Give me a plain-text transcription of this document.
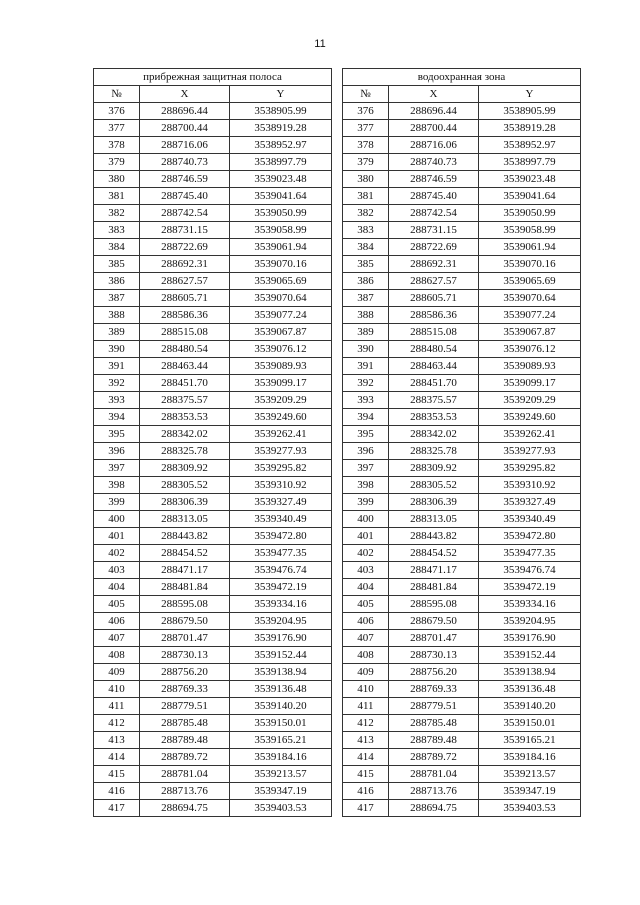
11
прибрежная защитная полоса		
№	X	Y
376	288696.44	3538905.99
377	288700.44	3538919.28
378	288716.06	3538952.97
379	288740.73	3538997.79
380	288746.59	3539023.48
381	288745.40	3539041.64
382	288742.54	3539050.99
383	288731.15	3539058.99
384	288722.69	3539061.94
385	288692.31	3539070.16
386	288627.57	3539065.69
387	288605.71	3539070.64
388	288586.36	3539077.24
389	288515.08	3539067.87
390	288480.54	3539076.12
391	288463.44	3539089.93
392	288451.70	3539099.17
393	288375.57	3539209.29
394	288353.53	3539249.60
395	288342.02	3539262.41
396	288325.78	3539277.93
397	288309.92	3539295.82
398	288305.52	3539310.92
399	288306.39	3539327.49
400	288313.05	3539340.49
401	288443.82	3539472.80
402	288454.52	3539477.35
403	288471.17	3539476.74
404	288481.84	3539472.19
405	288595.08	3539334.16
406	288679.50	3539204.95
407	288701.47	3539176.90
408	288730.13	3539152.44
409	288756.20	3539138.94
410	288769.33	3539136.48
411	288779.51	3539140.20
412	288785.48	3539150.01
413	288789.48	3539165.21
414	288789.72	3539184.16
415	288781.04	3539213.57
416	288713.76	3539347.19
417	288694.75	3539403.53
водоохранная зона		
№	X	Y
376	288696.44	3538905.99
377	288700.44	3538919.28
378	288716.06	3538952.97
379	288740.73	3538997.79
380	288746.59	3539023.48
381	288745.40	3539041.64
382	288742.54	3539050.99
383	288731.15	3539058.99
384	288722.69	3539061.94
385	288692.31	3539070.16
386	288627.57	3539065.69
387	288605.71	3539070.64
388	288586.36	3539077.24
389	288515.08	3539067.87
390	288480.54	3539076.12
391	288463.44	3539089.93
392	288451.70	3539099.17
393	288375.57	3539209.29
394	288353.53	3539249.60
395	288342.02	3539262.41
396	288325.78	3539277.93
397	288309.92	3539295.82
398	288305.52	3539310.92
399	288306.39	3539327.49
400	288313.05	3539340.49
401	288443.82	3539472.80
402	288454.52	3539477.35
403	288471.17	3539476.74
404	288481.84	3539472.19
405	288595.08	3539334.16
406	288679.50	3539204.95
407	288701.47	3539176.90
408	288730.13	3539152.44
409	288756.20	3539138.94
410	288769.33	3539136.48
411	288779.51	3539140.20
412	288785.48	3539150.01
413	288789.48	3539165.21
414	288789.72	3539184.16
415	288781.04	3539213.57
416	288713.76	3539347.19
417	288694.75	3539403.53
